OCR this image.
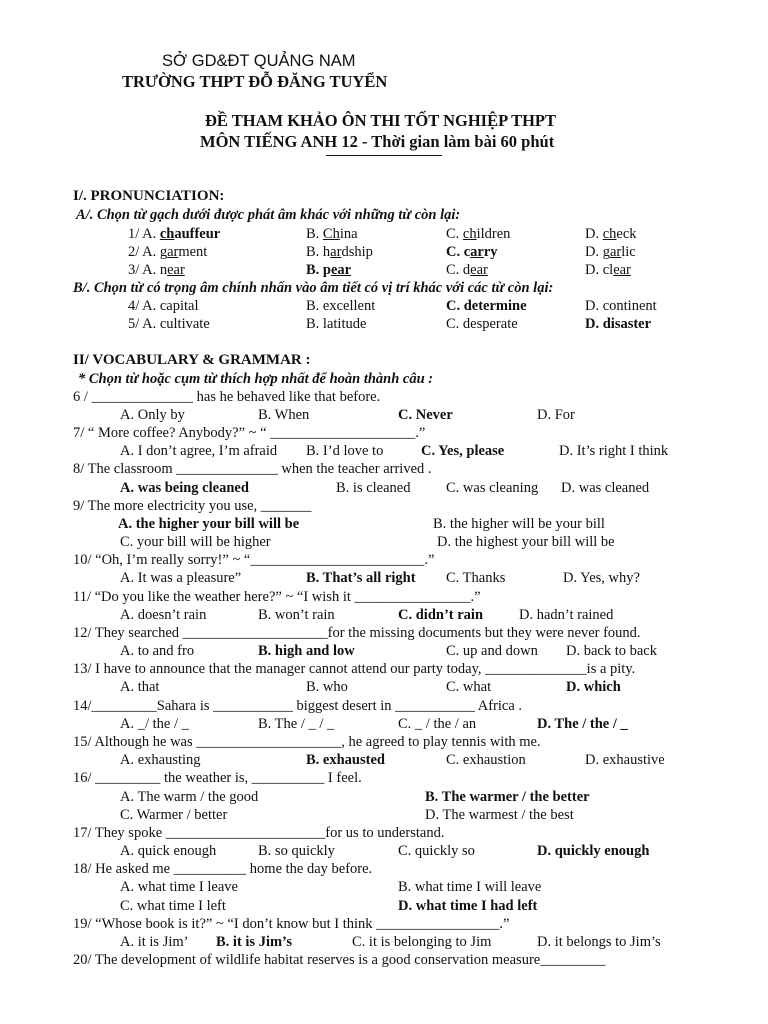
SỞ GD&ĐT QUẢNG NAM
TRƯỜNG THPT ĐỖ ĐĂNG TUYỂN
ĐỀ THAM KHẢO ÔN THI TỐT NGHIỆP THPT
MÔN TIẾNG ANH 12 - Thời gian làm bài 60 phút
I/. PRONUNCIATION:
A/. Chọn từ gạch dưới được phát âm khác với những từ còn lại:
1/ A. chauffeur	B. China	C. children	D. check
2/ A. garment	B. hardship	C. carry	D. garlic
3/ A. near	B. pear	C. dear	D. clear
B/. Chọn từ có trọng âm chính nhấn vào âm tiết có vị trí khác với các từ còn lại:
4/ A. capital	B. excellent	C. determine	D. continent
5/ A. cultivate	B. latitude	C. desperate	D. disaster
II/ VOCABULARY & GRAMMAR :
* Chọn từ hoặc cụm từ thích hợp nhất để hoàn thành câu :
6 / ______________ has he behaved like that before.
A. Only by	B. When	C. Never	D. For
7/ “ More coffee? Anybody?” ~ “ ____________________.”
A. I don’t agree, I’m afraid B. I’d love to	C. Yes, please	D. It’s right I think
8/ The classroom ______________ when the teacher arrived .
A. was being cleaned	B. is cleaned C. was cleaning D. was cleaned
9/ The more electricity you use, _______
A. the higher your bill will be	B. the higher will be your bill
C. your bill will be higher	D. the highest your bill will be
10/ “Oh, I’m really sorry!” ~ “________________________.”
A. It was a pleasure”	B. That’s all right C. Thanks	D. Yes, why?
11/ “Do you like the weather here?” ~ “I wish it ________________.”
A. doesn’t rain	B. won’t rain	C. didn’t rain D. hadn’t rained
12/ They searched ____________________for the missing documents but they were never found.
A. to and fro	B. high and low	C. up and down D. back to back
13/ I have to announce that the manager cannot attend our party today, ______________is a pity.
A. that	B. who	C. what	D. which
14/_________Sahara is ___________ biggest desert in ___________ Africa .
A. _/ the / _	B. The / _ / _	C. _ / the / an	D. The / the / _
15/ Although he was ____________________, he agreed to play tennis with me.
A. exhausting	B. exhausted	C. exhaustion	D. exhaustive
16/ _________ the weather is, __________ I feel.
A. The warm / the good	B. The warmer / the better
C. Warmer / better	D. The warmest / the best
17/ They spoke ______________________for us to understand.
A. quick enough	B. so quickly	C. quickly so	D. quickly enough
18/ He asked me __________ home the day before.
A. what time I leave	B. what time I will leave
C. what time I left	D. what time I had left
19/ “Whose book is it?” ~ “I don’t know but I think _________________.”
A. it is Jim’ B. it is Jim’s	C. it is belonging to Jim	D. it belongs to Jim’s
20/ The development of wildlife habitat reserves is a good conservation measure_________
